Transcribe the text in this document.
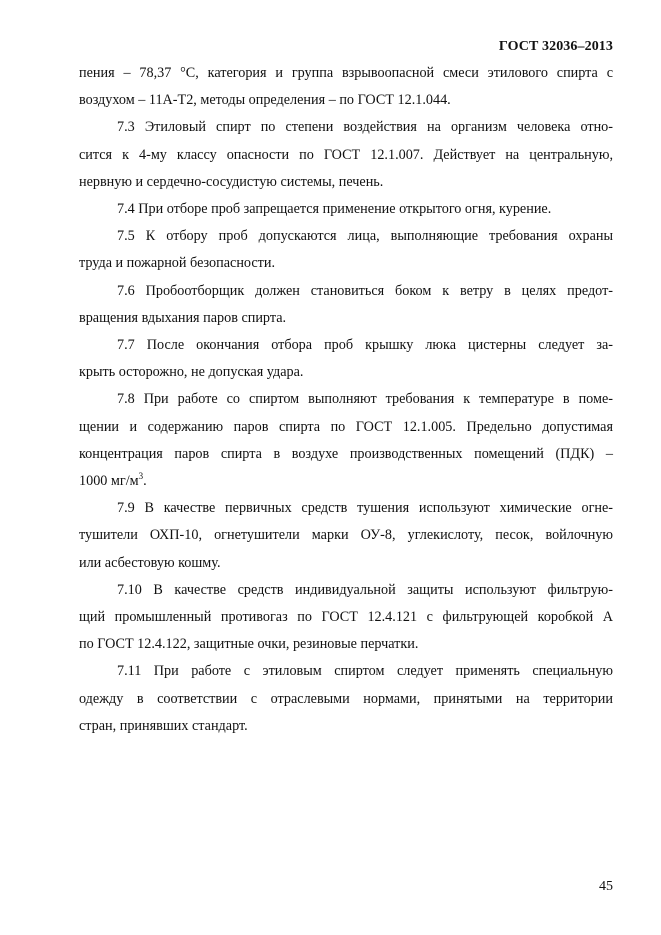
ГОСТ 32036–2013

пения – 78,37 °С, категория и группа взрывоопасной смеси этилового спирта с
воздухом – 11А-Т2, методы определения – по ГОСТ 12.1.044.

7.3 Этиловый спирт по степени воздействия на организм человека отно-
сится к 4-му классу опасности по ГОСТ 12.1.007. Действует на центральную,
нервную и сердечно-сосудистую системы, печень.

7.4 При отборе проб запрещается применение открытого огня, курение.

7.5 К отбору проб допускаются лица, выполняющие требования охраны
труда и пожарной безопасности.

7.6 Пробоотборщик должен становиться боком к ветру в целях предот-
вращения вдыхания паров спирта.

7.7 После окончания отбора проб крышку люка цистерны следует за-
крыть осторожно, не допуская удара.

7.8 При работе со спиртом выполняют требования к температуре в поме-
щении и содержанию паров спирта по ГОСТ 12.1.005. Предельно допустимая
концентрация паров спирта в воздухе производственных помещений (ПДК) –
1000 $мг/м^3$.

7.9 В качестве первичных средств тушения используют химические огне-
тушители ОХП-10, огнетушители марки ОУ-8, углекислоту, песок, войлочную
или асбестовую кошму.

7.10 В качестве средств индивидуальной защиты используют фильтрую-
щий промышленный противогаз по ГОСТ 12.4.121 с фильтрующей коробкой А
по ГОСТ 12.4.122, защитные очки, резиновые перчатки.

7.11 При работе с этиловым спиртом следует применять специальную
одежду в соответствии с отраслевыми нормами, принятыми на территории
стран, принявших стандарт.

45
